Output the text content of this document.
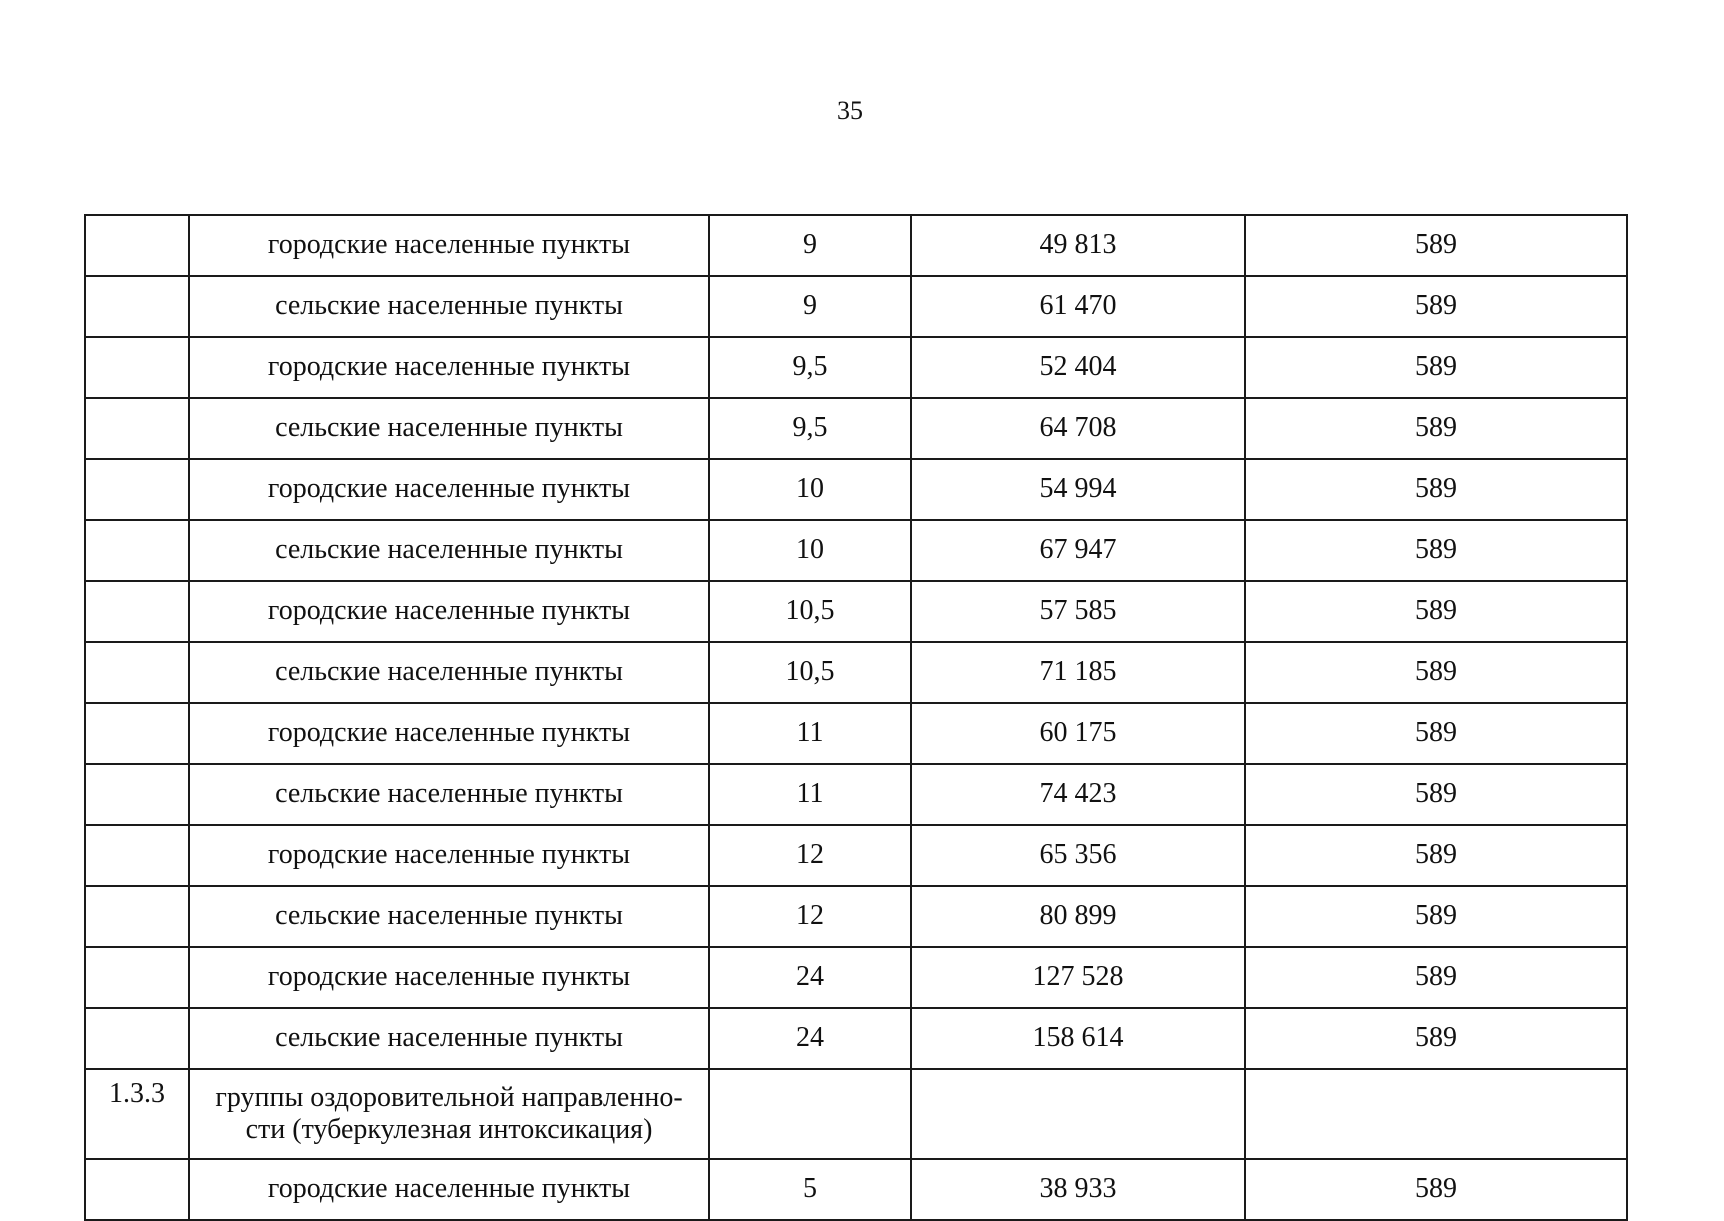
35
	городские населенные пункты	9	49 813	589
	сельские населенные пункты	9	61 470	589
	городские населенные пункты	9,5	52 404	589
	сельские населенные пункты	9,5	64 708	589
	городские населенные пункты	10	54 994	589
	сельские населенные пункты	10	67 947	589
	городские населенные пункты	10,5	57 585	589
	сельские населенные пункты	10,5	71 185	589
	городские населенные пункты	11	60 175	589
	сельские населенные пункты	11	74 423	589
	городские населенные пункты	12	65 356	589
	сельские населенные пункты	12	80 899	589
	городские населенные пункты	24	127 528	589
	сельские населенные пункты	24	158 614	589
1.3.3	группы оздоровительной направленно-сти (туберкулезная интоксикация)			
	городские населенные пункты	5	38 933	589
